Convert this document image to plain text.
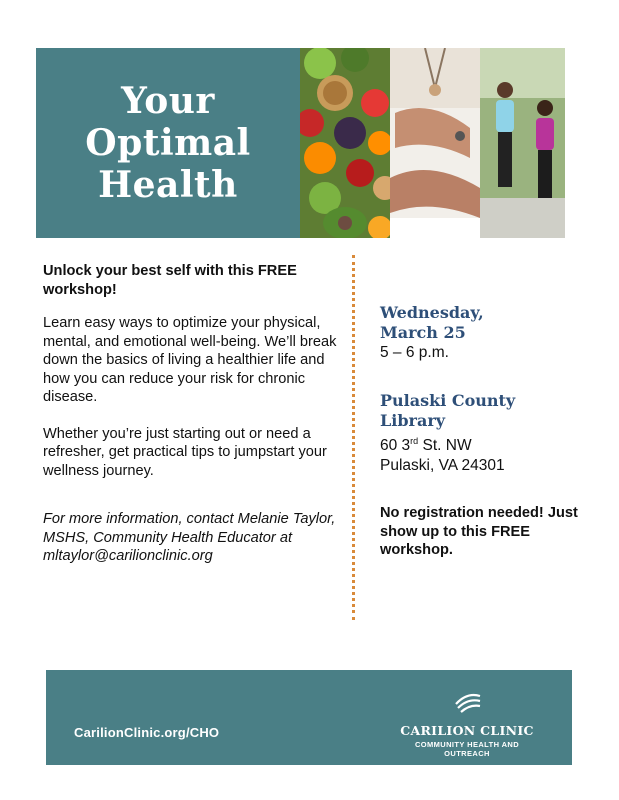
Your
Optimal
Health

Unlock your best self with this FREE workshop!

Learn easy ways to optimize your physical, mental, and emotional well-being. We’ll break down the basics of living a healthier life and how you can reduce your risk for chronic disease.

Whether you’re just starting out or need a refresher, get practical tips to jumpstart your wellness journey.

For more information, contact Melanie Taylor, MSHS, Community Health Educator at mltaylor@carilionclinic.org

Wednesday,
March 25
5 – 6 p.m.
Pulaski County
Library
60 3rd St. NW
Pulaski, VA 24301
No registration needed! Just show up to this FREE workshop.
CarilionClinic.org/CHO	CARILION CLINIC
COMMUNITY HEALTH AND OUTREACH
